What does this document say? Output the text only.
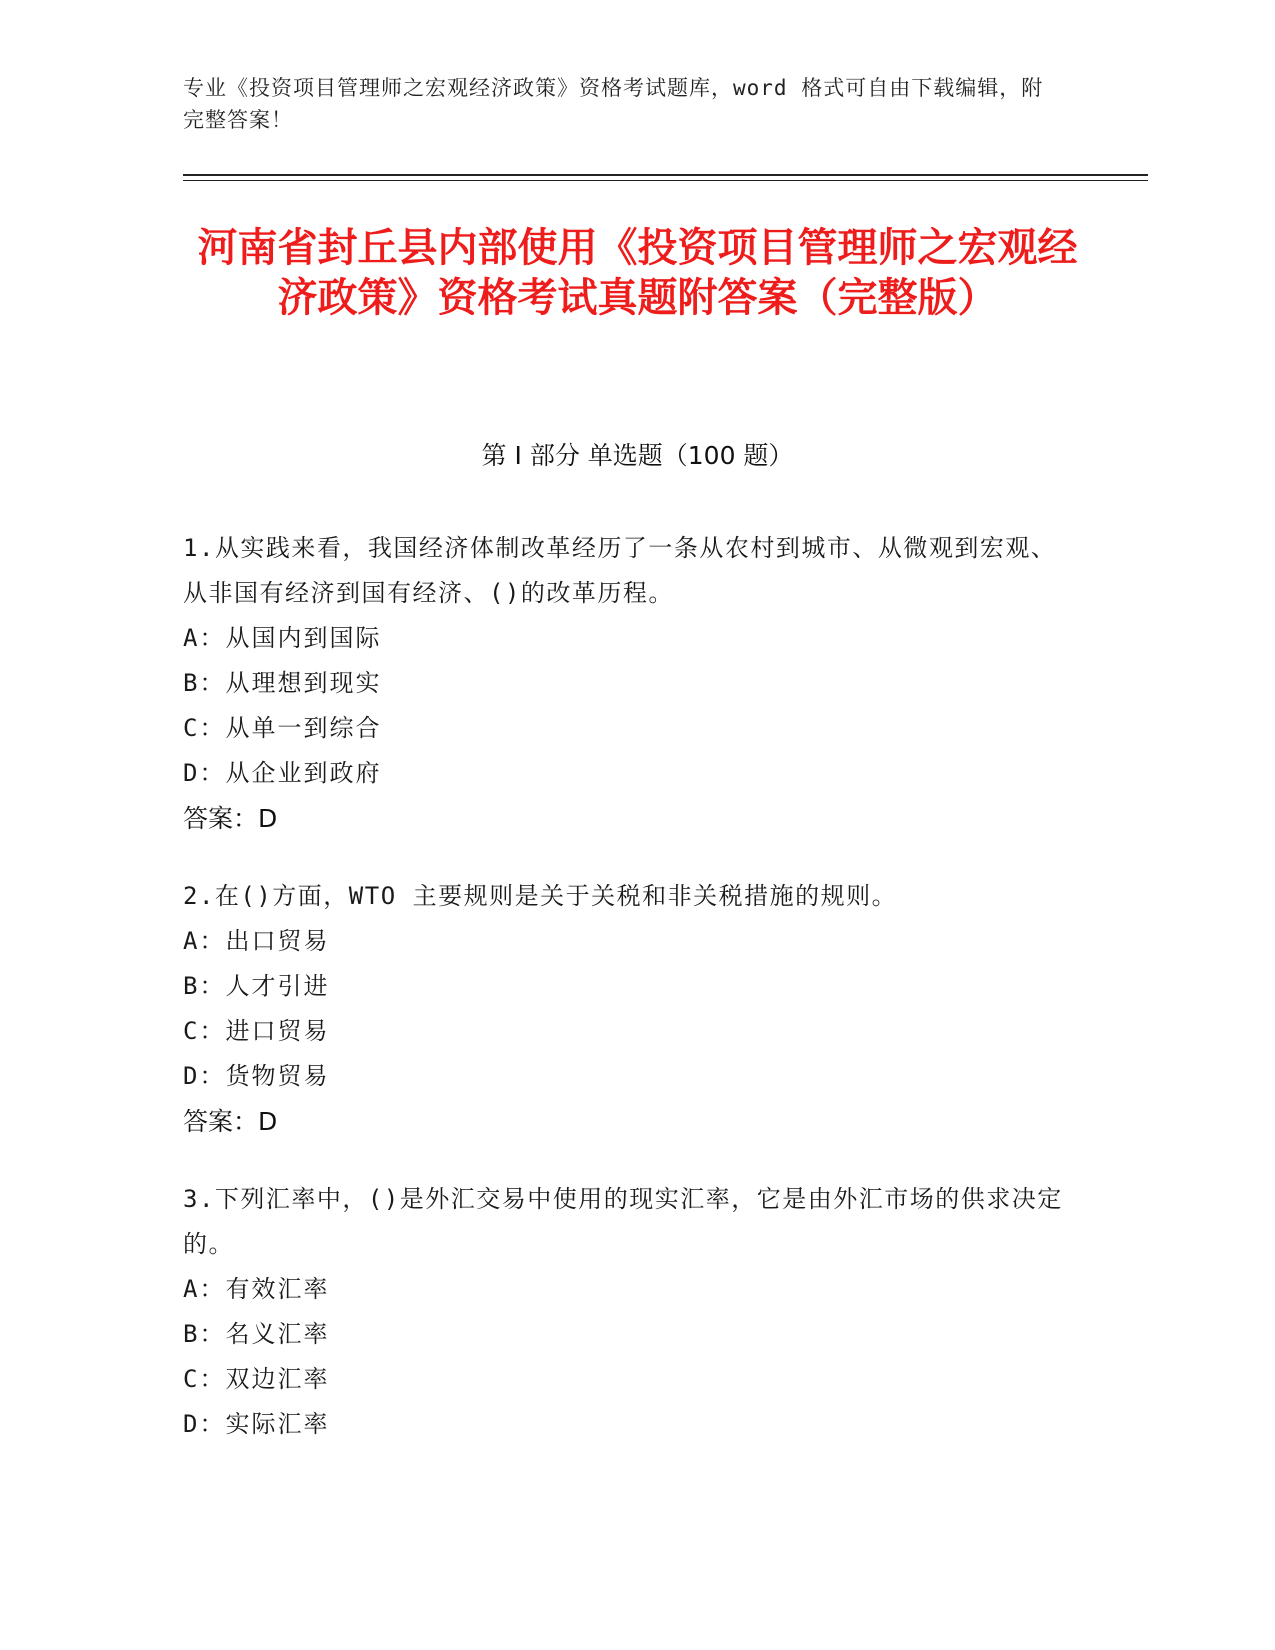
专业《投资项目管理师之宏观经济政策》资格考试题库，word 格式可自由下载编辑，附完整答案！
河南省封丘县内部使用《投资项目管理师之宏观经济政策》资格考试真题附答案（完整版）
第 I 部分 单选题（100 题）
1.从实践来看，我国经济体制改革经历了一条从农村到城市、从微观到宏观、从非国有经济到国有经济、()的改革历程。
A：从国内到国际
B：从理想到现实
C：从单一到综合
D：从企业到政府
答案：D
2.在()方面，WTO 主要规则是关于关税和非关税措施的规则。
A：出口贸易
B：人才引进
C：进口贸易
D：货物贸易
答案：D
3.下列汇率中，()是外汇交易中使用的现实汇率，它是由外汇市场的供求决定的。
A：有效汇率
B：名义汇率
C：双边汇率
D：实际汇率
